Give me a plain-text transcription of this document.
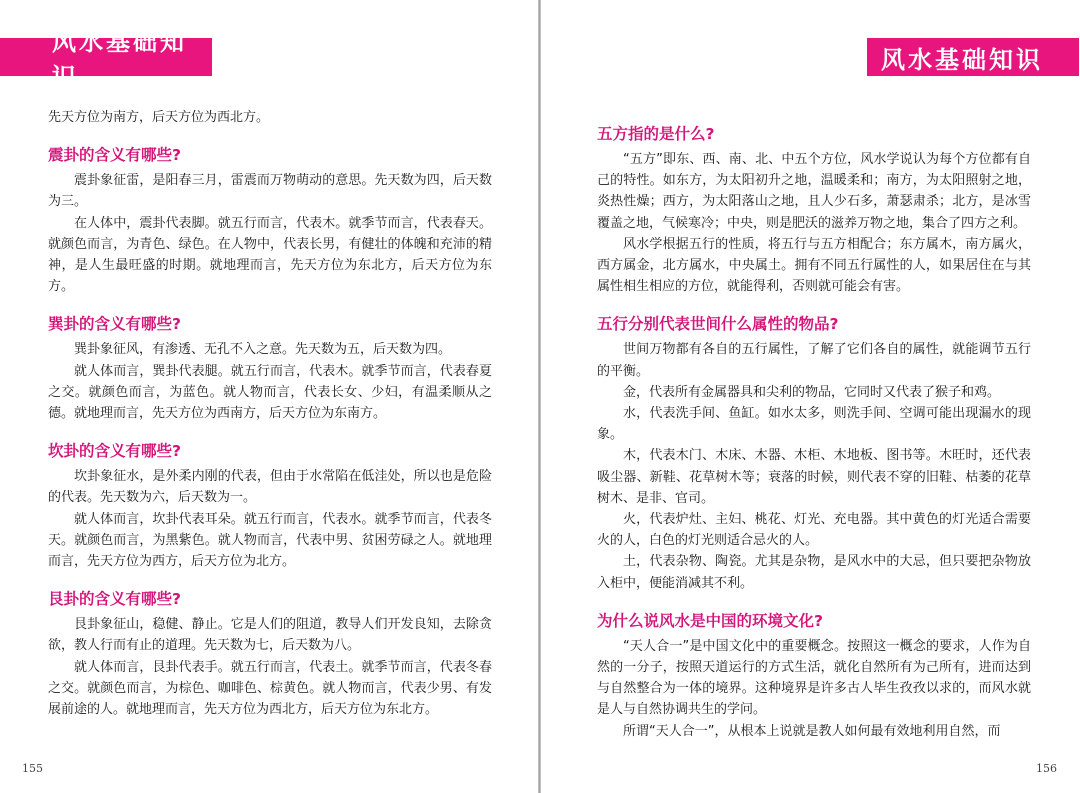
风水基础知识

先天方位为南方，后天方位为西北方。

震卦的含义有哪些?

震卦象征雷，是阳春三月，雷震而万物萌动的意思。先天数为四，后天数为三。

在人体中，震卦代表脚。就五行而言，代表木。就季节而言，代表春天。就颜色而言，为青色、绿色。在人物中，代表长男，有健壮的体魄和充沛的精神，是人生最旺盛的时期。就地理而言，先天方位为东北方，后天方位为东方。

巽卦的含义有哪些?

巽卦象征风，有渗透、无孔不入之意。先天数为五，后天数为四。

就人体而言，巽卦代表腿。就五行而言，代表木。就季节而言，代表春夏之交。就颜色而言，为蓝色。就人物而言，代表长女、少妇，有温柔顺从之德。就地理而言，先天方位为西南方，后天方位为东南方。

坎卦的含义有哪些?

坎卦象征水，是外柔内刚的代表，但由于水常陷在低洼处，所以也是危险的代表。先天数为六，后天数为一。

就人体而言，坎卦代表耳朵。就五行而言，代表水。就季节而言，代表冬天。就颜色而言，为黑紫色。就人物而言，代表中男、贫困劳碌之人。就地理而言，先天方位为西方，后天方位为北方。

艮卦的含义有哪些?

艮卦象征山，稳健、静止。它是人们的阻道，教导人们开发良知，去除贪欲，教人行而有止的道理。先天数为七，后天数为八。

就人体而言，艮卦代表手。就五行而言，代表土。就季节而言，代表冬春之交。就颜色而言，为棕色、咖啡色、棕黄色。就人物而言，代表少男、有发展前途的人。就地理而言，先天方位为西北方，后天方位为东北方。

155
风水基础知识
五方指的是什么?

“五方”即东、西、南、北、中五个方位，风水学说认为每个方位都有自己的特性。如东方，为太阳初升之地，温暖柔和；南方，为太阳照射之地，炎热性燥；西方，为太阳落山之地，且人少石多，萧瑟肃杀；北方，是冰雪覆盖之地，气候寒冷；中央，则是肥沃的滋养万物之地，集合了四方之利。

风水学根据五行的性质，将五行与五方相配合；东方属木，南方属火，西方属金，北方属水，中央属土。拥有不同五行属性的人，如果居住在与其属性相生相应的方位，就能得利，否则就可能会有害。

五行分别代表世间什么属性的物品?

世间万物都有各自的五行属性，了解了它们各自的属性，就能调节五行的平衡。

金，代表所有金属器具和尖利的物品，它同时又代表了猴子和鸡。

水，代表洗手间、鱼缸。如水太多，则洗手间、空调可能出现漏水的现象。

木，代表木门、木床、木器、木柜、木地板、图书等。木旺时，还代表吸尘器、新鞋、花草树木等；衰落的时候，则代表不穿的旧鞋、枯萎的花草树木、是非、官司。

火，代表炉灶、主妇、桃花、灯光、充电器。其中黄色的灯光适合需要火的人，白色的灯光则适合忌火的人。

土，代表杂物、陶瓷。尤其是杂物，是风水中的大忌，但只要把杂物放入柜中，便能消减其不利。

为什么说风水是中国的环境文化?

“天人合一”是中国文化中的重要概念。按照这一概念的要求，人作为自然的一分子，按照天道运行的方式生活，就化自然所有为己所有，进而达到与自然整合为一体的境界。这种境界是许多古人毕生孜孜以求的，而风水就是人与自然协调共生的学问。

所谓“天人合一”，从根本上说就是教人如何最有效地利用自然，而

156
